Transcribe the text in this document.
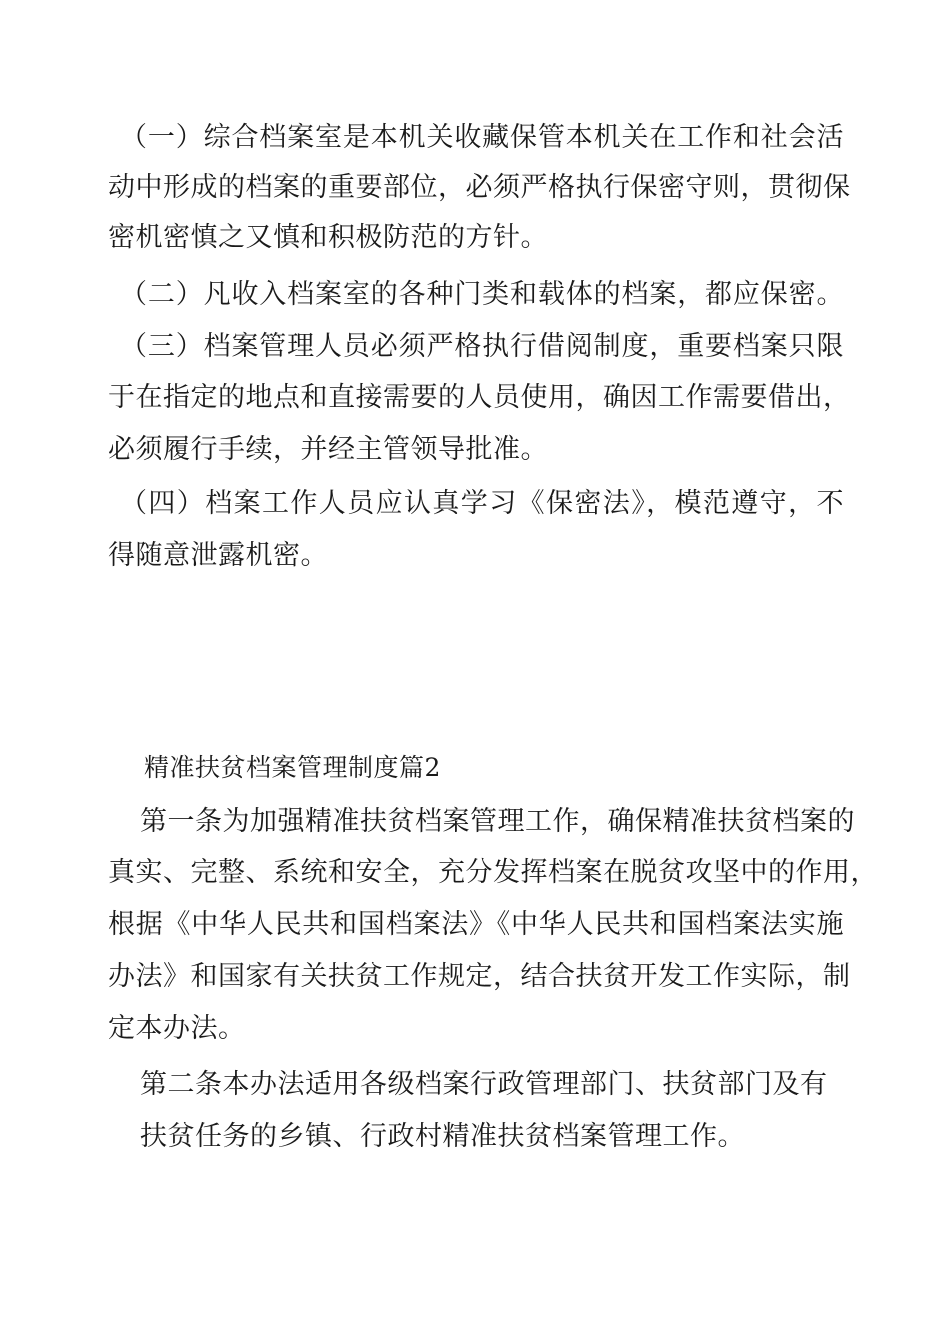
（一）综合档案室是本机关收藏保管本机关在工作和社会活
动中形成的档案的重要部位，必须严格执行保密守则，贯彻保
密机密慎之又慎和积极防范的方针。
（二）凡收入档案室的各种门类和载体的档案，都应保密。
（三）档案管理人员必须严格执行借阅制度，重要档案只限
于在指定的地点和直接需要的人员使用，确因工作需要借出，
必须履行手续，并经主管领导批准。
（四）档案工作人员应认真学习《保密法》，模范遵守，不
得随意泄露机密。
精准扶贫档案管理制度篇2
第一条为加强精准扶贫档案管理工作，确保精准扶贫档案的
真实、完整、系统和安全，充分发挥档案在脱贫攻坚中的作用，
根据《中华人民共和国档案法》《中华人民共和国档案法实施
办法》和国家有关扶贫工作规定，结合扶贫开发工作实际，制
定本办法。
第二条本办法适用各级档案行政管理部门、扶贫部门及有
扶贫任务的乡镇、行政村精准扶贫档案管理工作。
